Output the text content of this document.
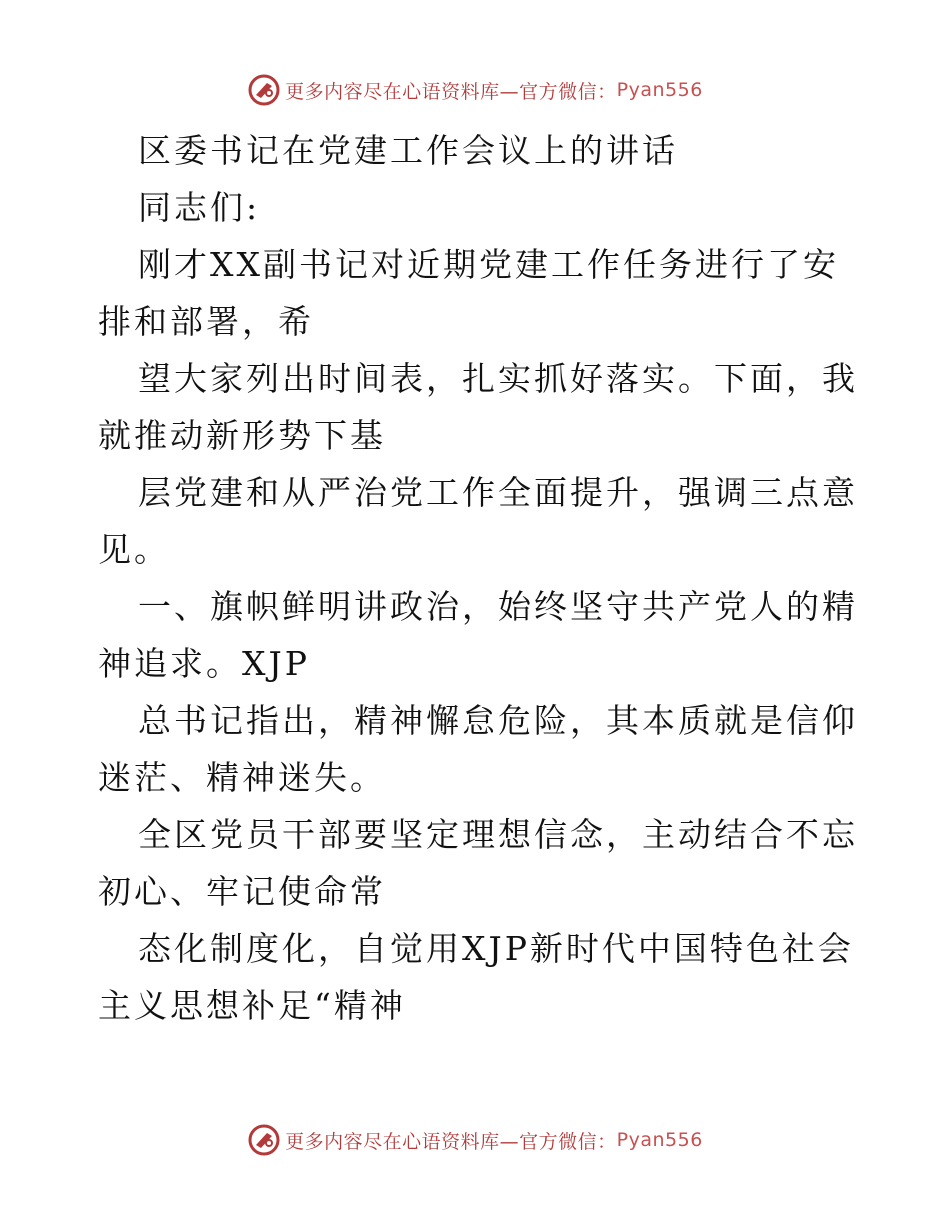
更多内容尽在心语资料库—官方微信： Pyan556

区委书记在党建工作会议上的讲话

同志们:

刚才XX副书记对近期党建工作任务进行了安排和部署，希

望大家列出时间表，扎实抓好落实。下面，我就推动新形势下基

层党建和从严治党工作全面提升，强调三点意见。

一、旗帜鲜明讲政治，始终坚守共产党人的精神追求。XJP

总书记指出，精神懈怠危险，其本质就是信仰迷茫、精神迷失。

全区党员干部要坚定理想信念，主动结合不忘初心、牢记使命常

态化制度化，自觉用XJP新时代中国特色社会主义思想补足“精神

更多内容尽在心语资料库—官方微信： Pyan556
